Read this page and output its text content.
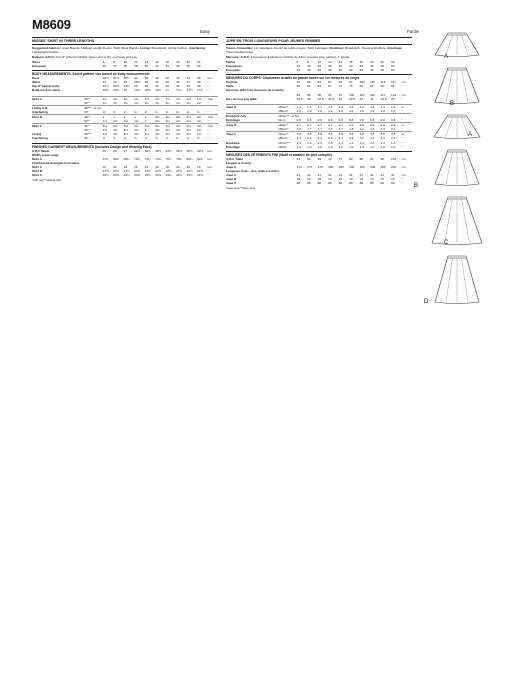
M8609	Easy	Facile
MISSES' SKIRT IN THREE LENGTHS
Suggested Fabrics: Linen Blends, Medium weight Denim, Twill, Wool Blends. Lining: Broadcloth, Lining Fabrics. Interfacing: Lightweight Fusible.
Notions: A,B,C: One 9" (23cm) invisible zipper (cut to fit), one hook and eye.
Sizes		6	8	10	12	14	16	18	20	22	24	
European		32	34	36	38	40	42	44	46	48	50	
BODY MEASUREMENTS: Select pattern size based on body measurements
Bust		30½	31½	32½	34	36	38	40	42	44	46	Ins.
Waist		23	24	25	26½	28	30	32	34	37	39	"
Hip-9" below waist		32½	33½	34½	36	38	40	42	44	46	48	"
Back-neck to waist		15½	15¾	16	16¼	16½	16¾	17	17¼	17½	17¾	"
Skirt A	45"*	1¼	1¼	1¼	1¼	1½	1½	1½	1½	1½	1⅝	Yds.
	60"*	1¼	1¼	1¼	1¼	1¼	1¼	1¼	1¼	1¼	1¼	"
Lining A,B	45"** - ½ yd.											
Interfacing	20"	⅛	⅛	⅛	⅛	⅛	⅛	⅛	⅛	⅛	⅛	"
Skirt B	45"*	1	1	1	3	3	3⅛	3⅛	3⅛	3⅛	3⅛	Yds.
	60"*	1⅛	1⅛	1⅛	1⅛	2	2⅛	2⅛	2⅛	2⅛	2⅛	"
Skirt C	45"*	4⅛	4⅛	4⅛	4⅛	4⅛	4⅛	4⅛	4⅛	4⅛	4⅛	Yds.
	60"*	2½	2½	2½	2⅝	3	3⅛	3⅛	3⅛	3⅛	3⅛	"
Lining	45"**	1⅛	1⅛	1⅛	1⅛	1⅛	1⅛	1⅛	1⅛	1⅛	1⅛	"
Interfacing	45"	⅛	⅛	⅛	⅛	⅛	⅛	⅛	⅛	⅛	⅛	"
FINISHED GARMENT MEASUREMENTS (Includes Design and Wearing Ease)
A,B,C Waist		25	26	27	28½	30½	32½	34½	36½	38½	40½	Ins.
Width, lower edge												
Skirt A		67¼	68¼	69¼	70¾	72¾	74¾	76¾	78¾	80¾	82¾	Ins.
Finished back length from waist												
Skirt A		16	16	16	16	16	16	16	16	16	16	Ins.
Skirt B		27½	27½	27½	27½	27½	27½	27½	27½	27½	27½	"
Skirt C		34½	34½	34½	34½	34½	34½	34½	34½	34½	34½	"
*with nap **without nap
JUPE EN TROIS LONGUEURS POUR JEUNES FEMMES
Tissus Conseillés: Lin mélangés, Denim de poids moyen, Twill, Lainages. Doublure: Broadcloth, Tissus à doublure. Entoilage: Thermocollant léger.
Mercerie: A,B,C: 1 fermeture à glissière invisible de 23cm (coupée pour ajuster), 1 agrafe.
Tailles		6	8	10	12	14	16	18	20	22	24	
Françaises		34	36	38	40	42	44	46	48	50	52	
Européen		32	34	36	38	40	42	44	46	48	50	
MESURES DU CORPS: Choisissez la taille du patron basée sur les mesures du corps.
Poitrine		78	80	83	87	92	97	102	107	112	117	cm
Taille		58	61	64	67	71	76	81	87	94	99	"
Hanches (23cm au-dessous de la taille)												
		83	85	88	92	97	102	107	112	117	122	cm
Dos du cou à la taille		39.5	40	40.5	41.5	42	42.5	43	44	44.5	45	"
Jupe A	115cm*	1.1	1.1	1.1	1.1	1.4	1.4	1.4	1.4	1.4	1.5	m
	150cm*	1.0	1.0	1.0	1.0	1.0	1.0	1.0	1.0	1.0	1.0	"
Doublure A,B	115cm** - 0.5m											
Entoilage	51cm	0.8	0.8	0.8	0.8	0.8	0.8	0.8	0.8	0.8	0.8	"
Jupe B	115cm*	2.7	2.7	2.7	2.7	2.7	2.9	2.9	2.9	2.9	2.9	m
	150cm*	1.6	1.7	1.7	1.7	1.7	1.8	2.1	2.2	2.3	2.4	"
Jupe C	115cm*	3.8	3.8	3.8	3.8	3.8	3.8	3.8	3.8	3.8	3.8	m
	150cm*	2.3	2.4	2.4	2.4	2.7	2.8	3.2	3.3	3.4	3.4	"
Doublure	115cm**	1.3	1.3	1.3	1.3	1.3	1.3	1.3	1.3	1.3	1.3	"
Entoilage	115cm	1.0	1.0	1.0	1.0	1.0	1.0	1.0	1.0	1.0	1.0	"
MESURES DES VÊTEMENTS FINI (Motif et aisance de port compris)
A,B,C Taille		64	66	69	72	77	82	88	93	98	103	cm
Largeur à l'ourlet												
Jupe A		171	173	176	180	185	190	195	200	205	210	cm
Longueur finie – dos, taille à l'ourlet												
Jupe A		41	41	41	41	41	41	41	41	41	41	cm
Jupe B		70	70	70	70	70	70	70	70	70	70	"
Jupe C		88	88	88	88	88	88	88	88	88	88	"
*avec sens **sans sens
A
B
A
B
C
D
